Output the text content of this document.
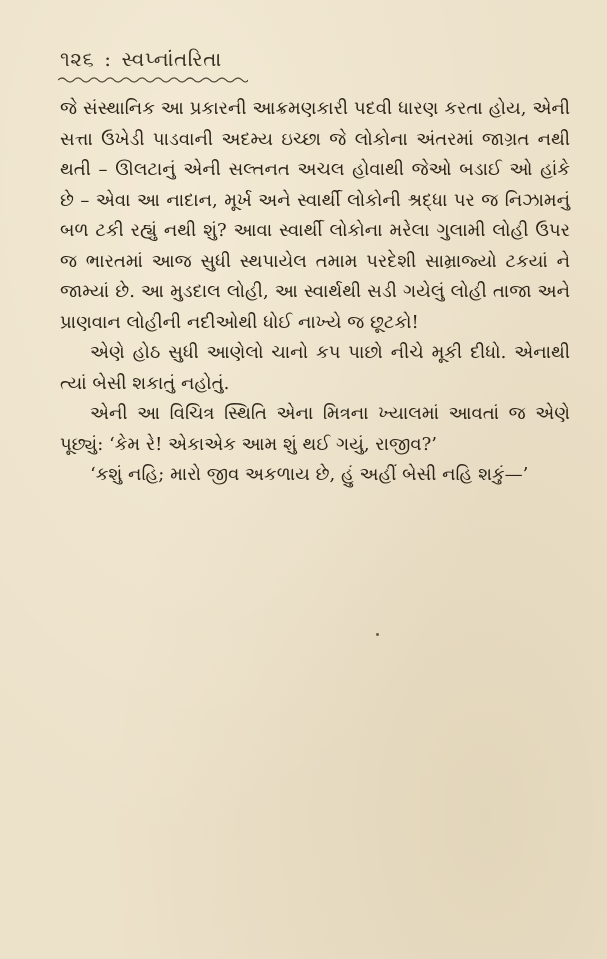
૧૨૬ : સ્વપ્નાંતરિતા

જે સંસ્થાનિક આ પ્રકારની આક્રમણકારી પદવી ધારણ કરતા હોય, એની સત્તા ઉખેડી પાડવાની અદમ્ય ઇચ્છા જે લોકોના અંતરમાં જાગ્રત નથી થતી – ઊલટાનું એની સલ્તનત અચલ હોવાથી જેઓ બડાઈ ઓ હાંકે છે – એવા આ નાદાન, મૂર્ખ અને સ્વાર્થી લોકોની શ્રદ્ધા પર જ નિઝામનું બળ ટકી રહ્યું નથી શું? આવા સ્વાર્થી લોકોના મરેલા ગુલામી લોહી ઉપર જ ભારતમાં આજ સુધી સ્થપાયેલ તમામ પરદેશી સામ્રાજ્યો ટકયાં ને જામ્યાં છે. આ મુડદાલ લોહી, આ સ્વાર્થથી સડી ગયેલું લોહી તાજા અને પ્રાણવાન લોહીની નદીઓથી ધોઈ નાખ્યે જ છૂટકો!

એણે હોઠ સુધી આણેલો ચાનો કપ પાછો નીચે મૂકી દીધો. એનાથી ત્યાં બેસી શકાતું નહોતું.

એની આ વિચિત્ર સ્થિતિ એના મિત્રના ખ્યાલમાં આવતાં જ એણે પૂછ્યું: ‘કેમ રે! એકાએક આમ શું થઈ ગયું, રાજીવ?’

‘કશું નહિ; મારો જીવ અકળાય છે, હું અહીં બેસી નહિ શકું—’
